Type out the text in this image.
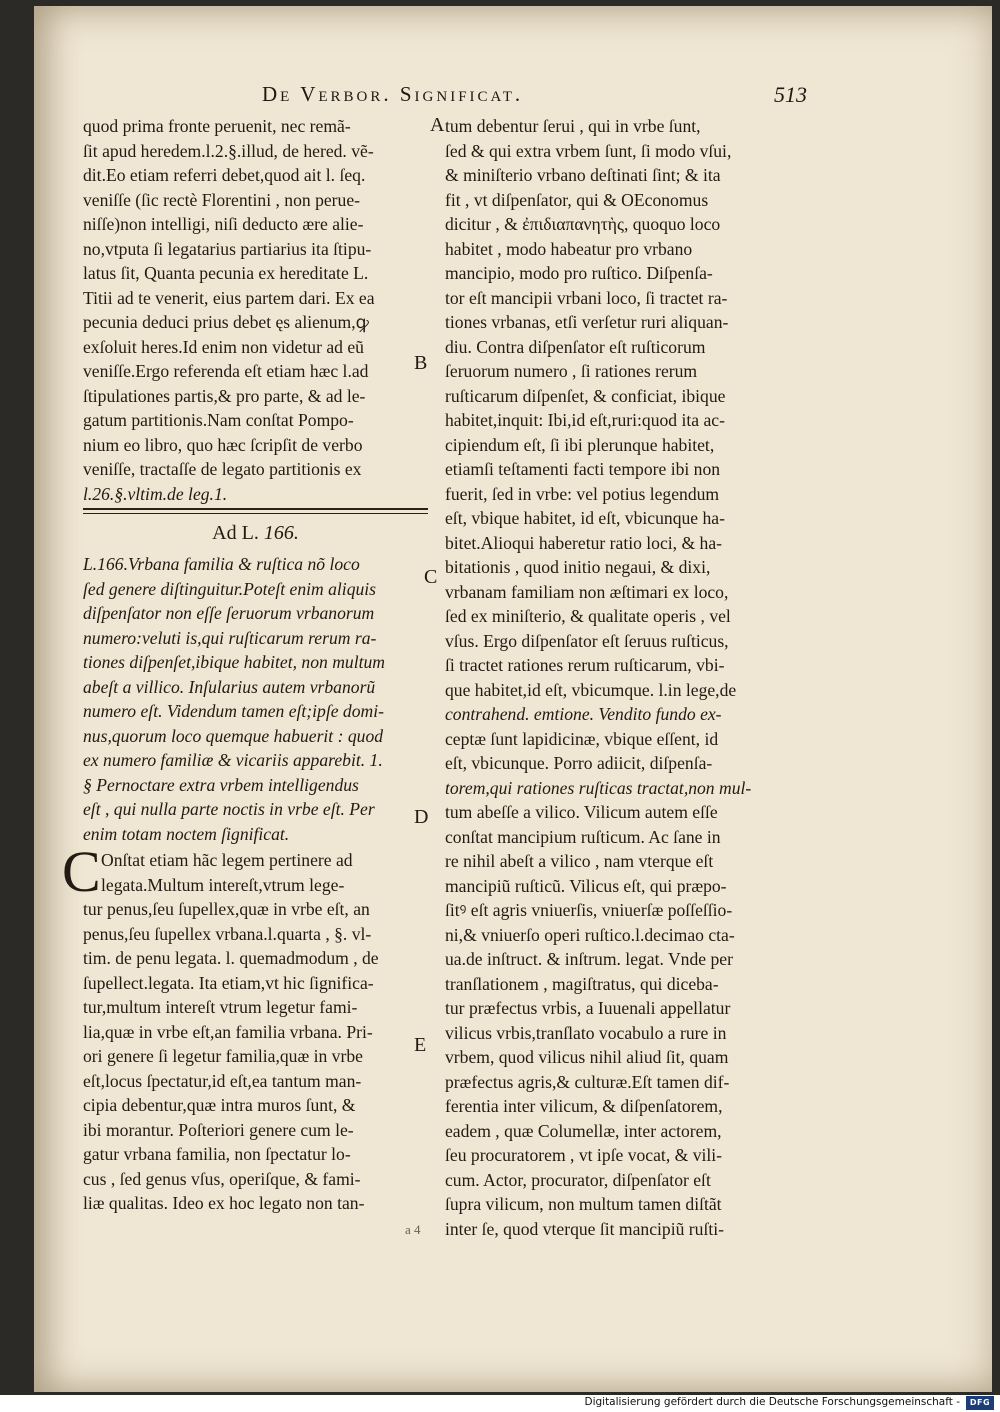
De Verbor. Significat.	513
quod prima fronte peruenit, nec remã-
ſit apud heredem.l.2.§.illud, de hered. vẽ-
dit.Eo etiam referri debet,quod ait l. ſeq.
veniſſe (ſic rectè Florentini , non perue-
niſſe)non intelligi, niſi deducto ære alie-
no,vtputa ſi legatarius partiarius ita ſtipu-
latus ſit, Quanta pecunia ex hereditate L.
Titii ad te venerit, eius partem dari. Ex ea
pecunia deduci prius debet ęs alienum,ꝙ
exſoluit heres.Id enim non videtur ad eũ
veniſſe.Ergo referenda eſt etiam hæc l.ad
ſtipulationes partis,& pro parte, & ad le-
gatum partitionis.Nam conſtat Pompo-
nium eo libro, quo hæc ſcripſit de verbo
veniſſe, tractaſſe de legato partitionis ex
l.26.§.vltim.de leg.1.
Ad L. 166.
L.166.Vrbana familia & ruſtica nõ loco
ſed genere diſtinguitur.Poteſt enim aliquis
diſpenſator non eſſe ſeruorum vrbanorum
numero:veluti is,qui ruſticarum rerum ra-
tiones diſpenſet,ibique habitet, non multum
abeſt a villico. Inſularius autem vrbanorũ
numero eſt. Videndum tamen eſt;ipſe domi-
nus,quorum loco quemque habuerit : quod
ex numero familiæ & vicariis apparebit. 1.
§ Pernoctare extra vrbem intelligendus
eſt , qui nulla parte noctis in vrbe eſt. Per
enim totam noctem ſignificat.
C Onſtat etiam hãc legem pertinere ad
legata.Multum intereſt,vtrum lege-
tur penus,ſeu ſupellex,quæ in vrbe eſt, an
penus,ſeu ſupellex vrbana.l.quarta , §. vl-
tim. de penu legata. l. quemadmodum , de
ſupellect.legata. Ita etiam,vt hic ſignifica-
tur,multum intereſt vtrum legetur fami-
lia,quæ in vrbe eſt,an familia vrbana. Pri-
ori genere ſi legetur familia,quæ in vrbe
eſt,locus ſpectatur,id eſt,ea tantum man-
cipia debentur,quæ intra muros ſunt, &
ibi morantur. Poſteriori genere cum le-
gatur vrbana familia, non ſpectatur lo-
cus , ſed genus vſus, operiſque, & fami-
liæ qualitas. Ideo ex hoc legato non tan-
A
B
C
D
E
tum debentur ſerui , qui in vrbe ſunt,
ſed & qui extra vrbem ſunt, ſi modo vſui,
& miniſterio vrbano deſtinati ſint; & ita
fit , vt diſpenſator, qui & OEconomus
dicitur , & ἐπιδιαπανητὴς, quoquo loco
habitet , modo habeatur pro vrbano
mancipio, modo pro ruſtico. Diſpenſa-
tor eſt mancipii vrbani loco, ſi tractet ra-
tiones vrbanas, etſi verſetur ruri aliquan-
diu. Contra diſpenſator eſt ruſticorum
ſeruorum numero , ſi rationes rerum
ruſticarum diſpenſet, & conficiat, ibique
habitet,inquit: Ibi,id eſt,ruri:quod ita ac-
cipiendum eſt, ſi ibi plerunque habitet,
etiamſi teſtamenti facti tempore ibi non
fuerit, ſed in vrbe: vel potius legendum
eſt, vbique habitet, id eſt, vbicunque ha-
bitet.Alioqui haberetur ratio loci, & ha-
bitationis , quod initio negaui, & dixi,
vrbanam familiam non æſtimari ex loco,
ſed ex miniſterio, & qualitate operis , vel
vſus. Ergo diſpenſator eſt ſeruus ruſticus,
ſi tractet rationes rerum ruſticarum, vbi-
que habitet,id eſt, vbicumque. l.in lege,de
contrahend. emtione. Vendito fundo ex-
ceptæ ſunt lapidicinæ, vbique eſſent, id
eſt, vbicunque. Porro adiicit, diſpenſa-
torem,qui rationes ruſticas tractat,non mul-
tum abeſſe a vilico. Vilicum autem eſſe
conſtat mancipium ruſticum. Ac ſane in
re nihil abeſt a vilico , nam vterque eſt
mancipiũ ruſticũ. Vilicus eſt, qui præpo-
ſitꝰ eſt agris vniuerſis, vniuerſæ poſſeſſio-
ni,& vniuerſo operi ruſtico.l.decimao cta-
ua.de inſtruct. & inſtrum. legat. Vnde per
tranſlationem , magiſtratus, qui diceba-
tur præfectus vrbis, a Iuuenali appellatur
vilicus vrbis,tranſlato vocabulo a rure in
vrbem, quod vilicus nihil aliud ſit, quam
præfectus agris,& culturæ.Eſt tamen dif-
ferentia inter vilicum, & diſpenſatorem,
eadem , quæ Columellæ, inter actorem,
ſeu procuratorem , vt ipſe vocat, & vili-
cum. Actor, procurator, diſpenſator eſt
ſupra vilicum, non multum tamen diſtãt
inter ſe, quod vterque ſit mancipiũ ruſti-
a 4
Digitalisierung gefördert durch die Deutsche Forschungsgemeinschaft -	DFG
